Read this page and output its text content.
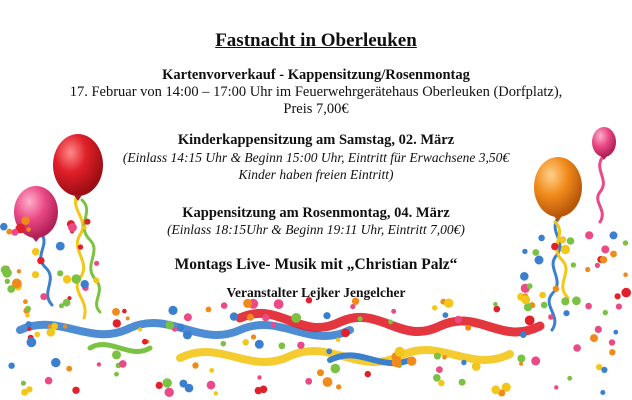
Fastnacht in Oberleuken
Kartenvorverkauf - Kappensitzung/Rosenmontag
17. Februar von 14:00 – 17:00 Uhr im Feuerwehrgerätehaus Oberleuken (Dorfplatz),
Preis 7,00€
Kinderkappensitzung am Samstag, 02. März
(Einlass 14:15 Uhr & Beginn 15:00 Uhr, Eintritt für Erwachsene 3,50€
Kinder haben freien Eintritt)
Kappensitzung am Rosenmontag, 04. März
(Einlass 18:15Uhr & Beginn 19:11 Uhr, Eintritt 7,00€)
Montags Live- Musik mit „Christian Palz“
Veranstalter Lejker Jengelcher
